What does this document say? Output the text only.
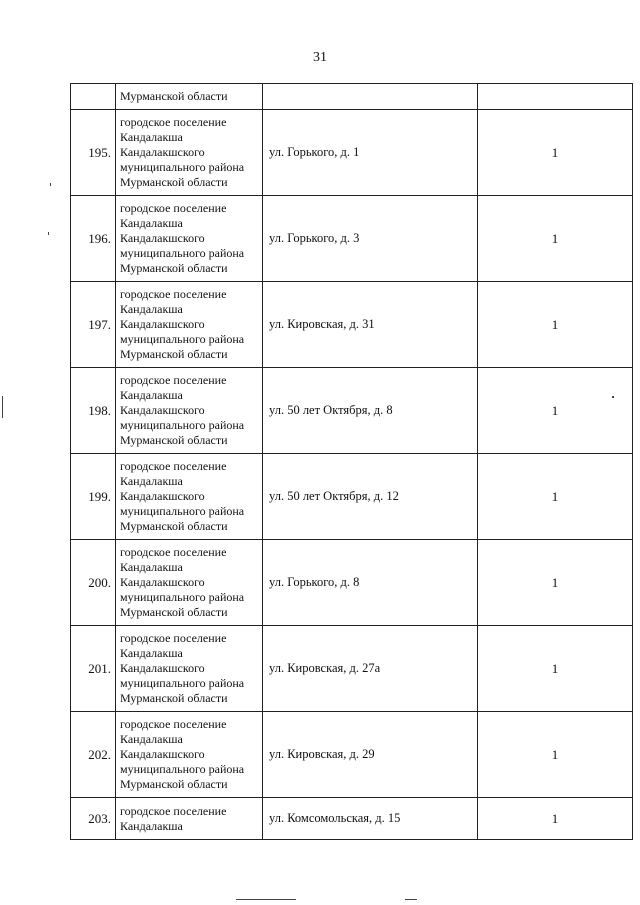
31
	Мурманской области		
195.	городское поселение
Кандалакша
Кандалакшского
муниципального района
Мурманской области	ул. Горького, д. 1	1
196.	городское поселение
Кандалакша
Кандалакшского
муниципального района
Мурманской области	ул. Горького, д. 3	1
197.	городское поселение
Кандалакша
Кандалакшского
муниципального района
Мурманской области	ул. Кировская, д. 31	1
198.	городское поселение
Кандалакша
Кандалакшского
муниципального района
Мурманской области	ул. 50 лет Октября, д. 8	1
199.	городское поселение
Кандалакша
Кандалакшского
муниципального района
Мурманской области	ул. 50 лет Октября, д. 12	1
200.	городское поселение
Кандалакша
Кандалакшского
муниципального района
Мурманской области	ул. Горького, д. 8	1
201.	городское поселение
Кандалакша
Кандалакшского
муниципального района
Мурманской области	ул. Кировская, д. 27а	1
202.	городское поселение
Кандалакша
Кандалакшского
муниципального района
Мурманской области	ул. Кировская, д. 29	1
203.	городское поселение
Кандалакша	ул. Комсомольская, д. 15	1
